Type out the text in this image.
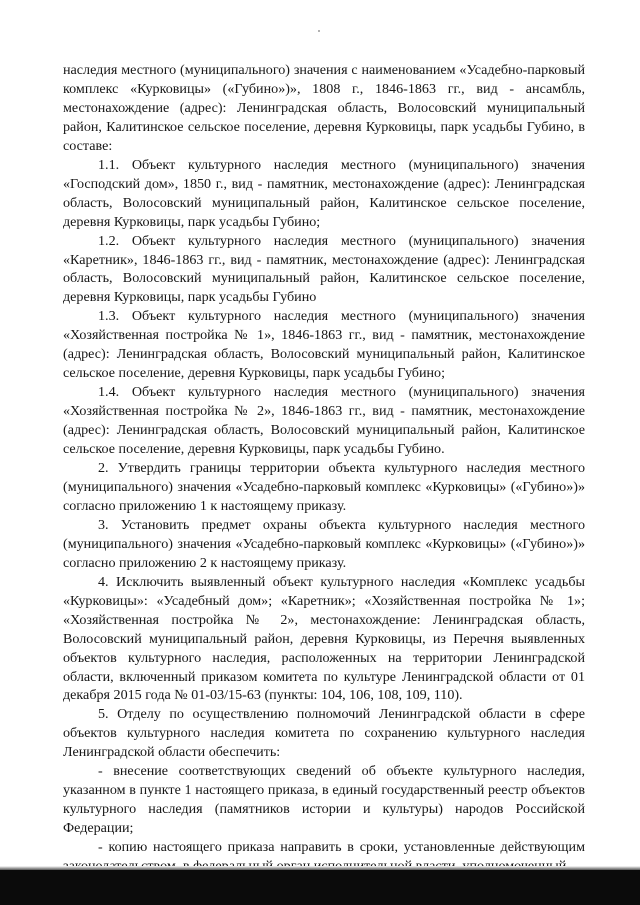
наследия местного (муниципального) значения с наименованием «Усадебно-парковый комплекс «Курковицы» («Губино»)», 1808 г., 1846-1863 гг., вид - ансамбль, местонахождение (адрес): Ленинградская область, Волосовский муниципальный район, Калитинское сельское поселение, деревня Курковицы, парк усадьбы Губино, в составе:

1.1. Объект культурного наследия местного (муниципального) значения «Господский дом», 1850 г., вид - памятник, местонахождение (адрес): Ленинградская область, Волосовский муниципальный район, Калитинское сельское поселение, деревня Курковицы, парк усадьбы Губино;

1.2. Объект культурного наследия местного (муниципального) значения «Каретник», 1846-1863 гг., вид - памятник, местонахождение (адрес): Ленинградская область, Волосовский муниципальный район, Калитинское сельское поселение, деревня Курковицы, парк усадьбы Губино

1.3. Объект культурного наследия местного (муниципального) значения «Хозяйственная постройка № 1», 1846-1863 гг., вид - памятник, местонахождение (адрес): Ленинградская область, Волосовский муниципальный район, Калитинское сельское поселение, деревня Курковицы, парк усадьбы Губино;

1.4. Объект культурного наследия местного (муниципального) значения «Хозяйственная постройка № 2», 1846-1863 гг., вид - памятник, местонахождение (адрес): Ленинградская область, Волосовский муниципальный район, Калитинское сельское поселение, деревня Курковицы, парк усадьбы Губино.

2. Утвердить границы территории объекта культурного наследия местного (муниципального) значения «Усадебно-парковый комплекс «Курковицы» («Губино»)» согласно приложению 1 к настоящему приказу.

3. Установить предмет охраны объекта культурного наследия местного (муниципального) значения «Усадебно-парковый комплекс «Курковицы» («Губино»)» согласно приложению 2 к настоящему приказу.

4. Исключить выявленный объект культурного наследия «Комплекс усадьбы «Курковицы»: «Усадебный дом»; «Каретник»; «Хозяйственная постройка № 1»; «Хозяйственная постройка № 2», местонахождение: Ленинградская область, Волосовский муниципальный район, деревня Курковицы, из Перечня выявленных объектов культурного наследия, расположенных на территории Ленинградской области, включенный приказом комитета по культуре Ленинградской области от 01 декабря 2015 года № 01-03/15-63 (пункты: 104, 106, 108, 109, 110).

5. Отделу по осуществлению полномочий Ленинградской области в сфере объектов культурного наследия комитета по сохранению культурного наследия Ленинградской области обеспечить:

- внесение соответствующих сведений об объекте культурного наследия, указанном в пункте 1 настоящего приказа, в единый государственный реестр объектов культурного наследия (памятников истории и культуры) народов Российской Федерации;

- копию настоящего приказа направить в сроки, установленные действующим
